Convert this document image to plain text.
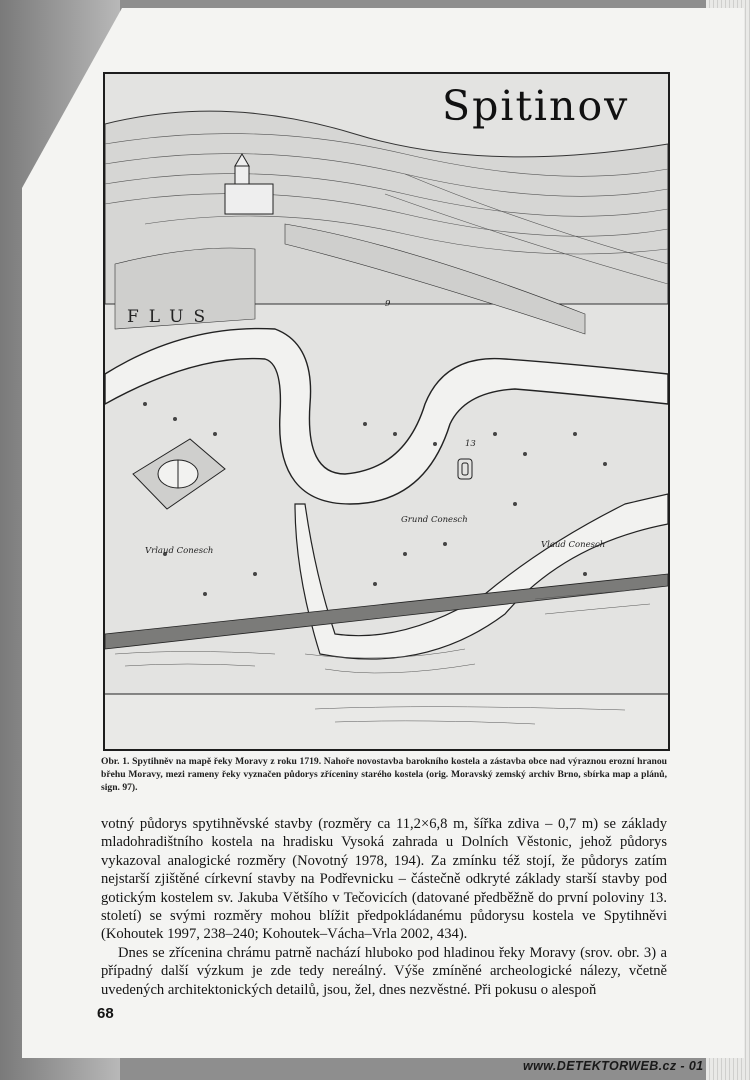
Spitinov
FLUS
Vrlaud Conesch
Grund Conesch
Vlaud Conesch
13
9
Obr. 1. Spytihněv na mapě řeky Moravy z roku 1719. Nahoře novostavba barokního kostela a zástavba obce nad výraznou erozní hranou břehu Moravy, mezi rameny řeky vyznačen půdorys zříceniny starého kostela (orig. Moravský zemský archiv Brno, sbírka map a plánů, sign. 97).

votný půdorys spytihněvské stavby (rozměry ca 11,2×6,8 m, šířka zdiva – 0,7 m) se základy mladohradištního kostela na hradisku Vysoká zahrada u Dolních Věstonic, jehož půdorys vykazoval analogické rozměry (Novotný 1978, 194). Za zmínku též stojí, že půdorys zatím nejstarší zjištěné církevní stavby na Podřevnicku – částečně odkryté základy starší stavby pod gotickým kostelem sv. Jakuba Většího v Tečovicích (datované předběžně do první poloviny 13. století) se svými rozměry mohou blížit předpokládanému půdorysu kostela ve Spytihněvi (Kohoutek 1997, 238–240; Kohoutek–Vácha–Vrla 2002, 434).

Dnes se zřícenina chrámu patrně nachází hluboko pod hladinou řeky Moravy (srov. obr. 3) a případný další výzkum je zde tedy nereálný. Výše zmíněné archeologické nálezy, včetně uvedených architektonických detailů, jsou, žel, dnes nezvěstné. Při pokusu o alespoň

68
www.DETEKTORWEB.cz - 01
